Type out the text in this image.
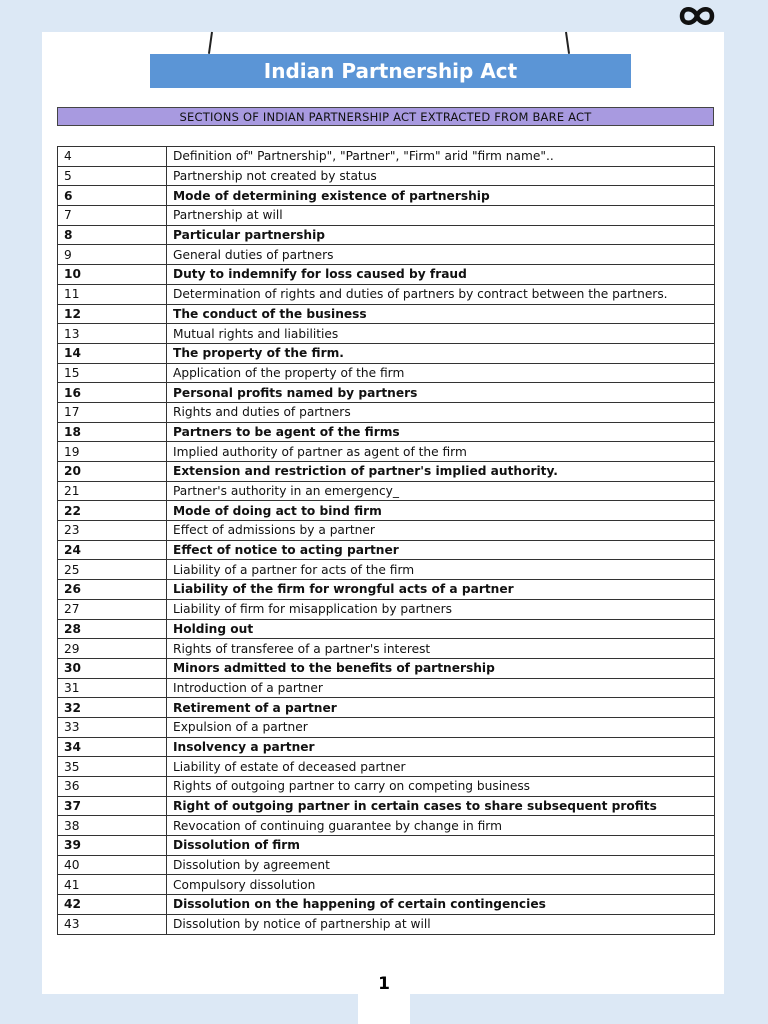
Indian Partnership Act
SECTIONS OF INDIAN PARTNERSHIP ACT EXTRACTED FROM BARE ACT
4	Definition of" Partnership", "Partner", "Firm" arid "firm name"..
5	Partnership not created by status
6	Mode of determining existence of partnership
7	Partnership at will
8	Particular partnership
9	General duties of partners
10	Duty to indemnify for loss caused by fraud
11	Determination of rights and duties of partners by contract between the partners.
12	The conduct of the business
13	Mutual rights and liabilities
14	The property of the firm.
15	Application of the property of the firm
16	Personal profits named by partners
17	Rights and duties of partners
18	Partners to be agent of the firms
19	Implied authority of partner as agent of the firm
20	Extension and restriction of partner's implied authority.
21	Partner's authority in an emergency_
22	Mode of doing act to bind firm
23	Effect of admissions by a partner
24	Effect of notice to acting partner
25	Liability of a partner for acts of the firm
26	Liability of the firm for wrongful acts of a partner
27	Liability of firm for misapplication by partners
28	Holding out
29	Rights of transferee of a partner's interest
30	Minors admitted to the benefits of partnership
31	Introduction of a partner
32	Retirement of a partner
33	Expulsion of a partner
34	Insolvency a partner
35	Liability of estate of deceased partner
36	Rights of outgoing partner to carry on competing business
37	Right of outgoing partner in certain cases to share subsequent profits
38	Revocation of continuing guarantee by change in firm
39	Dissolution of firm
40	Dissolution by agreement
41	Compulsory dissolution
42	Dissolution on the happening of certain contingencies
43	Dissolution by notice of partnership at will
1
